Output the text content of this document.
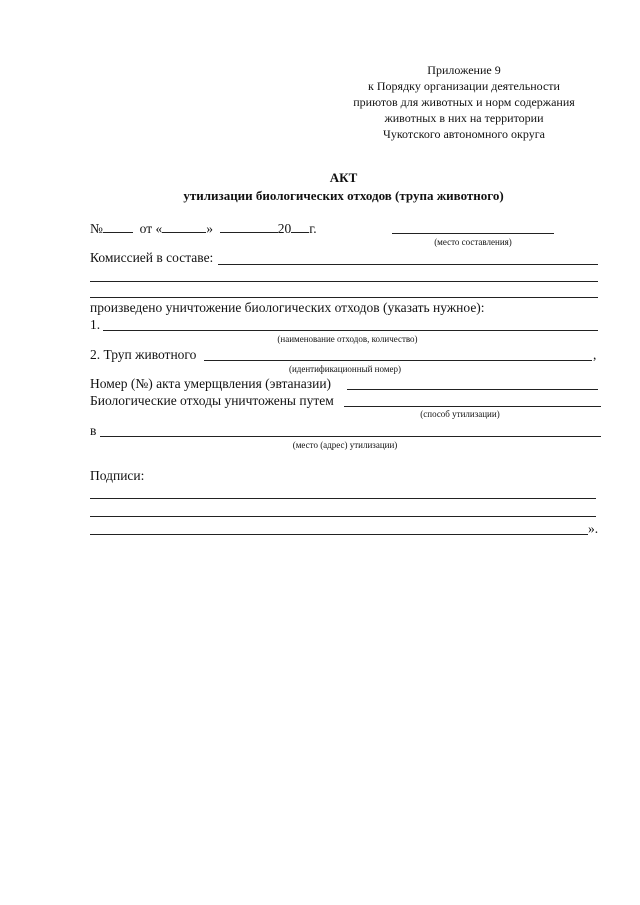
Приложение 9
к Порядку организации деятельности
приютов для животных и норм содержания
животных в них на территории
Чукотского автономного округа
АКТ
утилизации биологических отходов (трупа животного)
№	от «	»	20 г.
(место составления)
Комиссией в составе:
произведено уничтожение биологических отходов (указать нужное):
1.
(наименование отходов, количество)
2. Труп животного	,
(идентификационный номер)
Номер (№) акта умерщвления (эвтаназии)
Биологические отходы уничтожены путем
(способ утилизации)
в
(место (адрес) утилизации)
Подписи:
».
